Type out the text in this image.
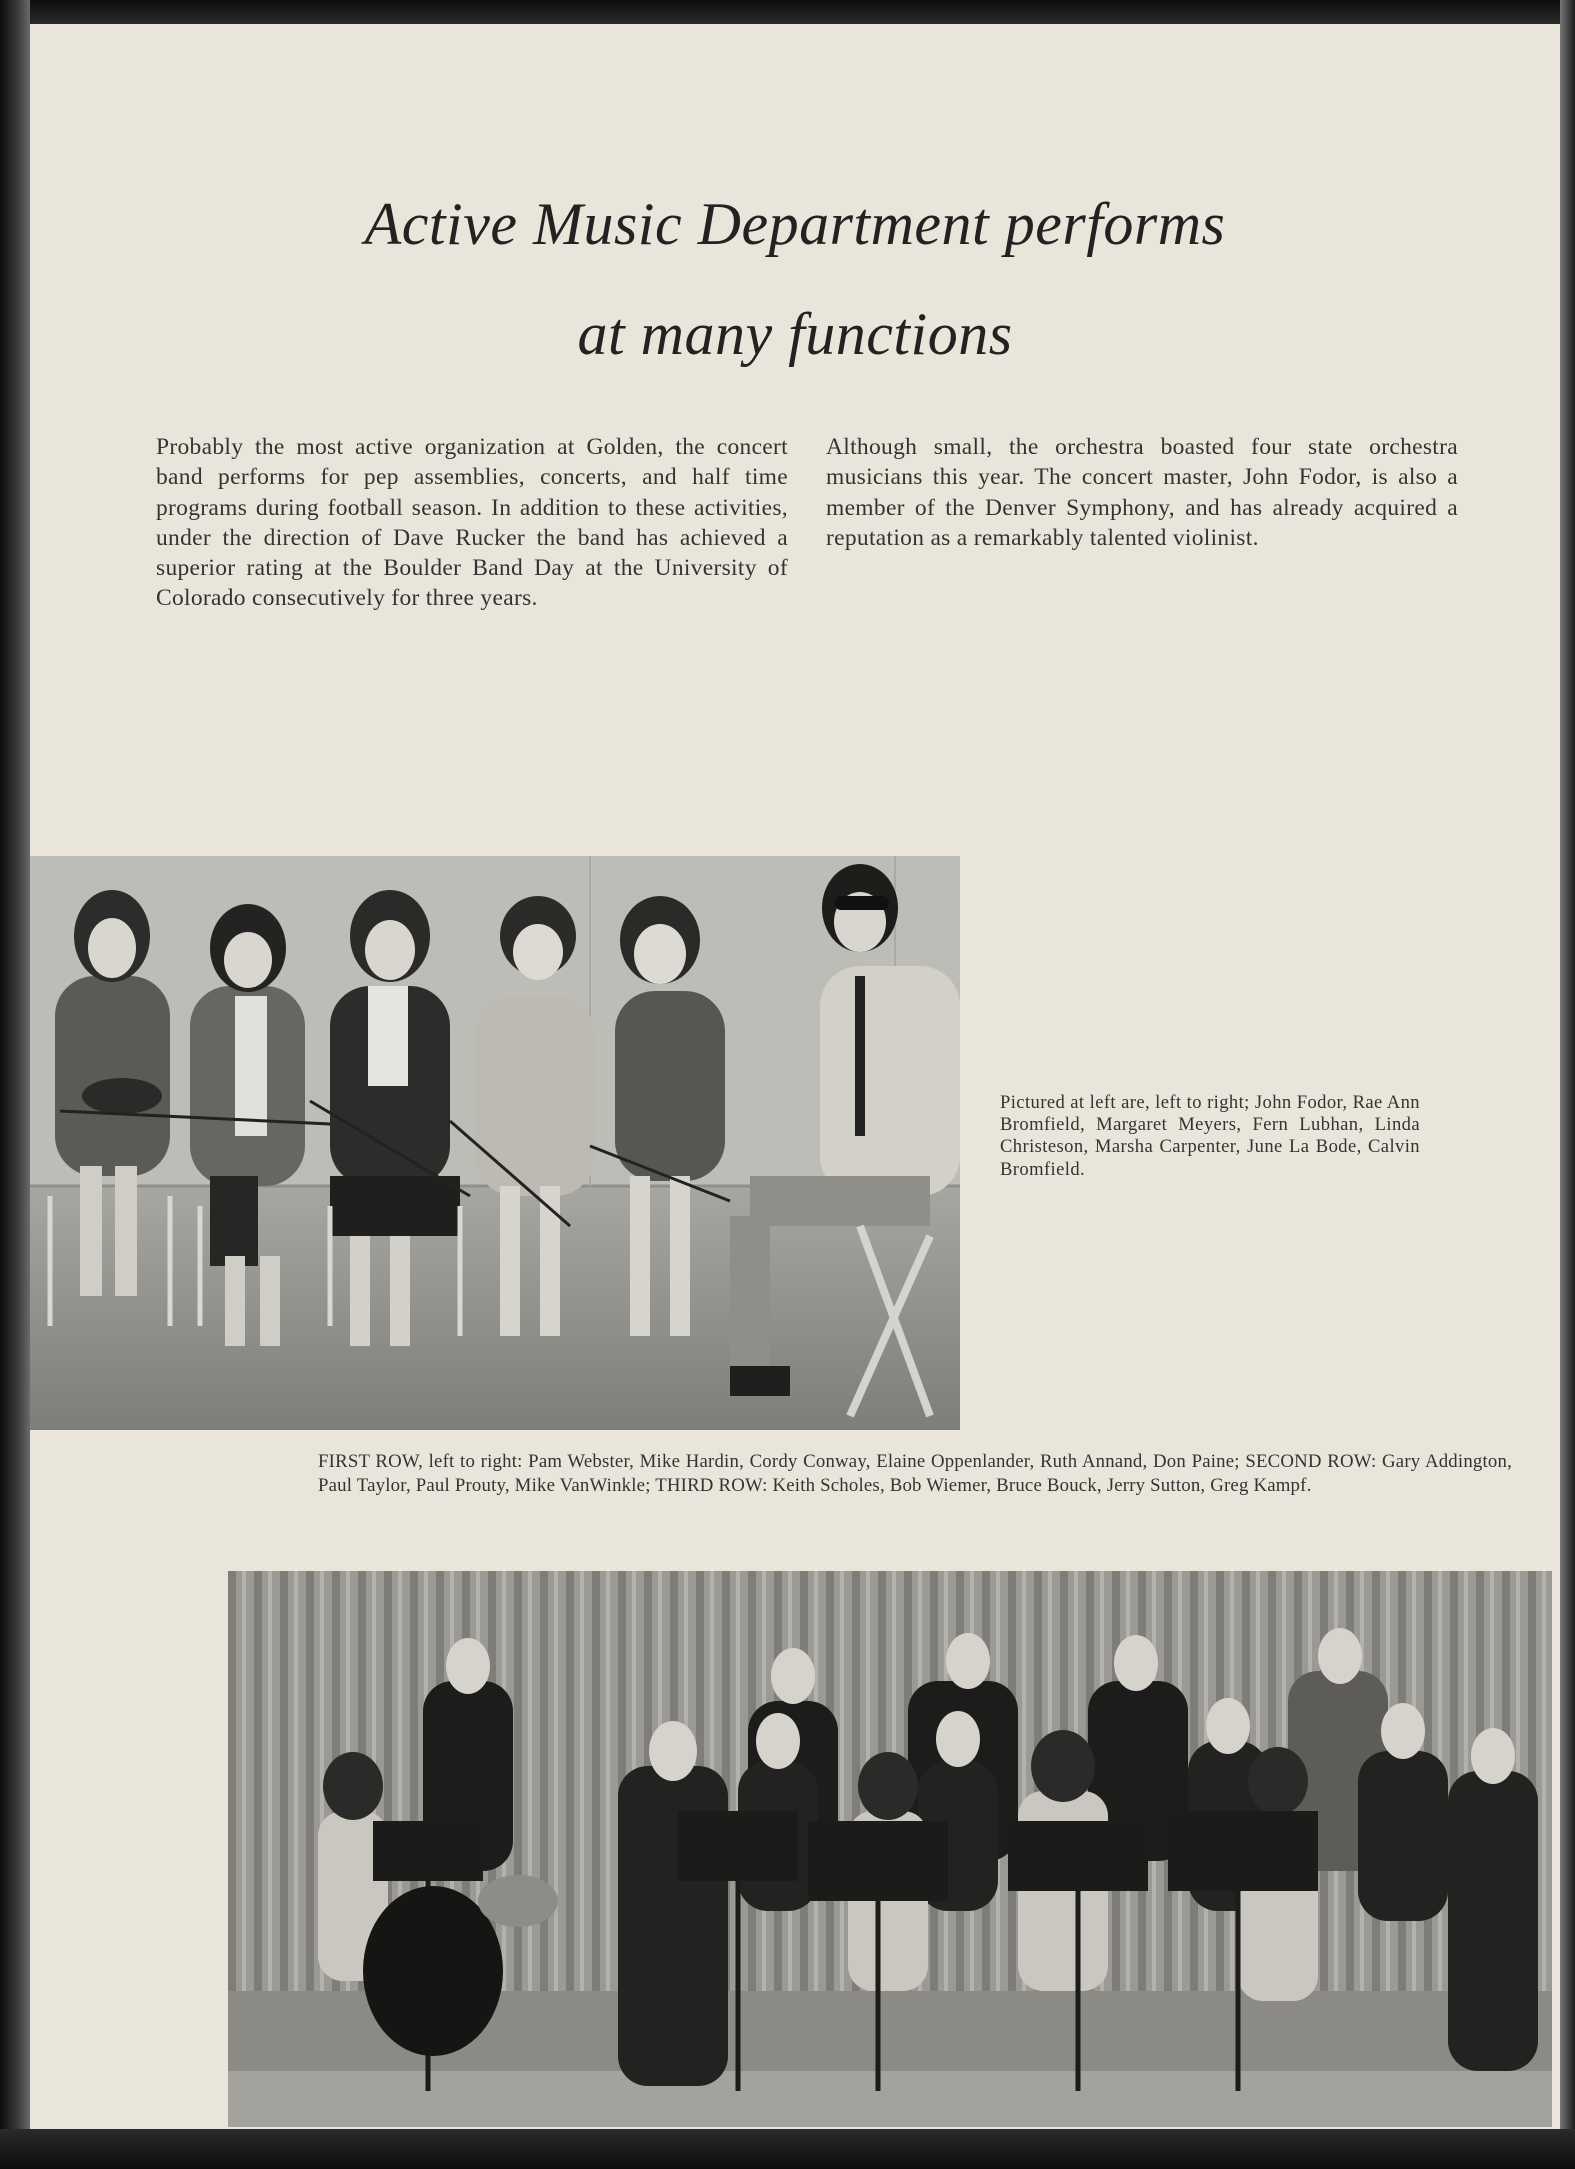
Active Music Department performs
at many functions

Probably the most active organization at Golden, the concert band performs for pep assemblies, concerts, and half time programs during football season. In addition to these activities, under the direction of Dave Rucker the band has achieved a superior rating at the Boulder Band Day at the University of Colorado consecutively for three years.

Although small, the orchestra boasted four state orchestra musicians this year. The concert master, John Fodor, is also a member of the Denver Symphony, and has already acquired a reputation as a remarkably talented violinist.

Pictured at left are, left to right; John Fodor, Rae Ann Bromfield, Margaret Meyers, Fern Lubhan, Linda Christeson, Marsha Carpenter, June La Bode, Calvin Bromfield.

FIRST ROW, left to right: Pam Webster, Mike Hardin, Cordy Conway, Elaine Oppenlander, Ruth Annand, Don Paine; SECOND ROW: Gary Addington, Paul Taylor, Paul Prouty, Mike VanWinkle; THIRD ROW: Keith Scholes, Bob Wiemer, Bruce Bouck, Jerry Sutton, Greg Kampf.
